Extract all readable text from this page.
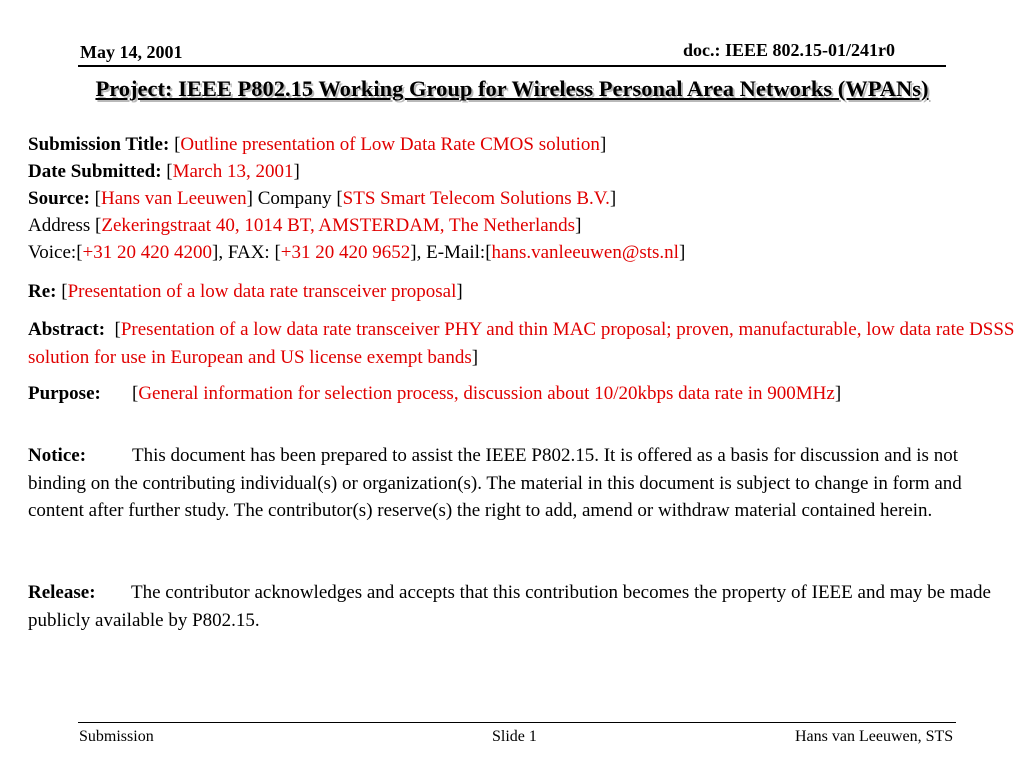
May 14, 2001	doc.: IEEE 802.15-01/241r0
Project: IEEE P802.15 Working Group for Wireless Personal Area Networks (WPANs)
Submission Title: [Outline presentation of Low Data Rate CMOS solution]
Date Submitted: [March 13, 2001]
Source: [Hans van Leeuwen] Company [STS Smart Telecom Solutions B.V.]
Address [Zekeringstraat 40, 1014 BT, AMSTERDAM, The Netherlands]
Voice:[+31 20 420 4200], FAX: [+31 20 420 9652], E-Mail:[hans.vanleeuwen@sts.nl]
Re: [Presentation of a low data rate transceiver proposal]
Abstract:  [Presentation of a low data rate transceiver PHY and thin MAC proposal; proven, manufacturable, low data rate DSSS solution for use in European and US license exempt bands]
Purpose: [General information for selection process, discussion about 10/20kbps data rate in 900MHz]
Notice: This document has been prepared to assist the IEEE P802.15. It is offered as a basis for discussion and is not binding on the contributing individual(s) or organization(s). The material in this document is subject to change in form and content after further study. The contributor(s) reserve(s) the right to add, amend or withdraw material contained herein.
Release: The contributor acknowledges and accepts that this contribution becomes the property of IEEE and may be made publicly available by P802.15.
Submission	Slide 1	Hans van Leeuwen, STS
